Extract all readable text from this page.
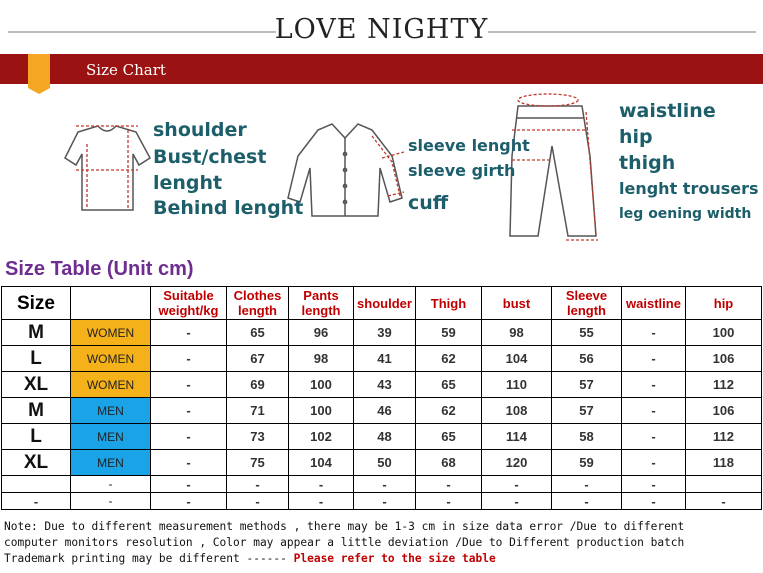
LOVE NIGHTY
Size Chart
shoulder
Bust/chest
lenght
Behind lenght
sleeve lenght
sleeve girth
cuff
waistline
hip
thigh
lenght trousers
leg oening width
Size Table (Unit cm)
Size		Suitable weight/kg	Clothes length	Pants length	shoulder	Thigh	bust	Sleeve length	waistline	hip
M	WOMEN	-	65	96	39	59	98	55	-	100
L	WOMEN	-	67	98	41	62	104	56	-	106
XL	WOMEN	-	69	100	43	65	110	57	-	112
M	MEN	-	71	100	46	62	108	57	-	106
L	MEN	-	73	102	48	65	114	58	-	112
XL	MEN	-	75	104	50	68	120	59	-	118
	-	-	-	-	-	-	-	-	-	
-	-	-	-	-	-	-	-	-	-	-
Note: Due to different measurement methods , there may be 1-3 cm in size data error /Due to different
computer monitors resolution , Color may appear a little deviation /Due to Different production batch
Trademark printing may be different ------ Please refer to the size table
